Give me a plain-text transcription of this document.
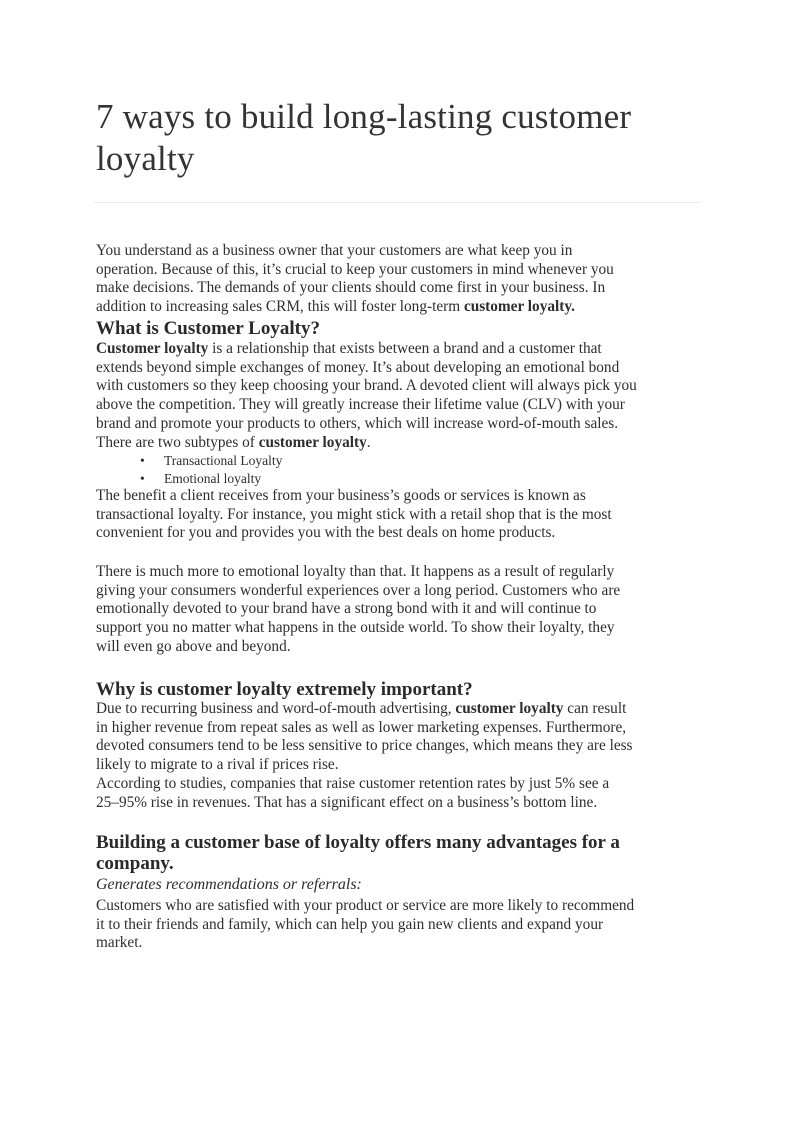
7 ways to build long-lasting customer
loyalty
You understand as a business owner that your customers are what keep you in
operation. Because of this, it’s crucial to keep your customers in mind whenever you
make decisions. The demands of your clients should come first in your business. In
addition to increasing sales CRM, this will foster long-term customer loyalty.
What is Customer Loyalty?
Customer loyalty is a relationship that exists between a brand and a customer that
extends beyond simple exchanges of money. It’s about developing an emotional bond
with customers so they keep choosing your brand. A devoted client will always pick you
above the competition. They will greatly increase their lifetime value (CLV) with your
brand and promote your products to others, which will increase word-of-mouth sales.
There are two subtypes of customer loyalty.
• Transactional Loyalty
• Emotional loyalty
The benefit a client receives from your business’s goods or services is known as
transactional loyalty. For instance, you might stick with a retail shop that is the most
convenient for you and provides you with the best deals on home products.
There is much more to emotional loyalty than that. It happens as a result of regularly
giving your consumers wonderful experiences over a long period. Customers who are
emotionally devoted to your brand have a strong bond with it and will continue to
support you no matter what happens in the outside world. To show their loyalty, they
will even go above and beyond.
Why is customer loyalty extremely important?
Due to recurring business and word-of-mouth advertising, customer loyalty can result
in higher revenue from repeat sales as well as lower marketing expenses. Furthermore,
devoted consumers tend to be less sensitive to price changes, which means they are less
likely to migrate to a rival if prices rise.
According to studies, companies that raise customer retention rates by just 5% see a
25–95% rise in revenues. That has a significant effect on a business’s bottom line.
Building a customer base of loyalty offers many advantages for a
company.
Generates recommendations or referrals:
Customers who are satisfied with your product or service are more likely to recommend
it to their friends and family, which can help you gain new clients and expand your
market.
